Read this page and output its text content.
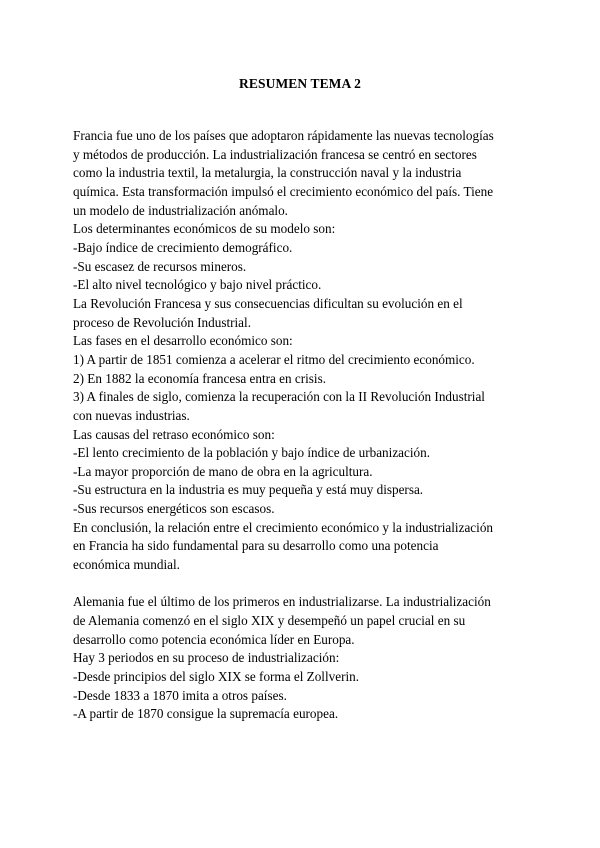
RESUMEN TEMA 2
Francia fue uno de los países que adoptaron rápidamente las nuevas tecnologías
y métodos de producción. La industrialización francesa se centró en sectores
como la industria textil, la metalurgia, la construcción naval y la industria
química. Esta transformación impulsó el crecimiento económico del país. Tiene
un modelo de industrialización anómalo.
Los determinantes económicos de su modelo son:
-Bajo índice de crecimiento demográfico.
-Su escasez de recursos mineros.
-El alto nivel tecnológico y bajo nivel práctico.
La Revolución Francesa y sus consecuencias dificultan su evolución en el
proceso de Revolución Industrial.
Las fases en el desarrollo económico son:
1) A partir de 1851 comienza a acelerar el ritmo del crecimiento económico.
2) En 1882 la economía francesa entra en crisis.
3) A finales de siglo, comienza la recuperación con la II Revolución Industrial
con nuevas industrias.
Las causas del retraso económico son:
-El lento crecimiento de la población y bajo índice de urbanización.
-La mayor proporción de mano de obra en la agricultura.
-Su estructura en la industria es muy pequeña y está muy dispersa.
-Sus recursos energéticos son escasos.
En conclusión, la relación entre el crecimiento económico y la industrialización
en Francia ha sido fundamental para su desarrollo como una potencia
económica mundial.
Alemania fue el último de los primeros en industrializarse. La industrialización
de Alemania comenzó en el siglo XIX y desempeñó un papel crucial en su
desarrollo como potencia económica líder en Europa.
Hay 3 periodos en su proceso de industrialización:
-Desde principios del siglo XIX se forma el Zollverin.
-Desde 1833 a 1870 imita a otros países.
-A partir de 1870 consigue la supremacía europea.
